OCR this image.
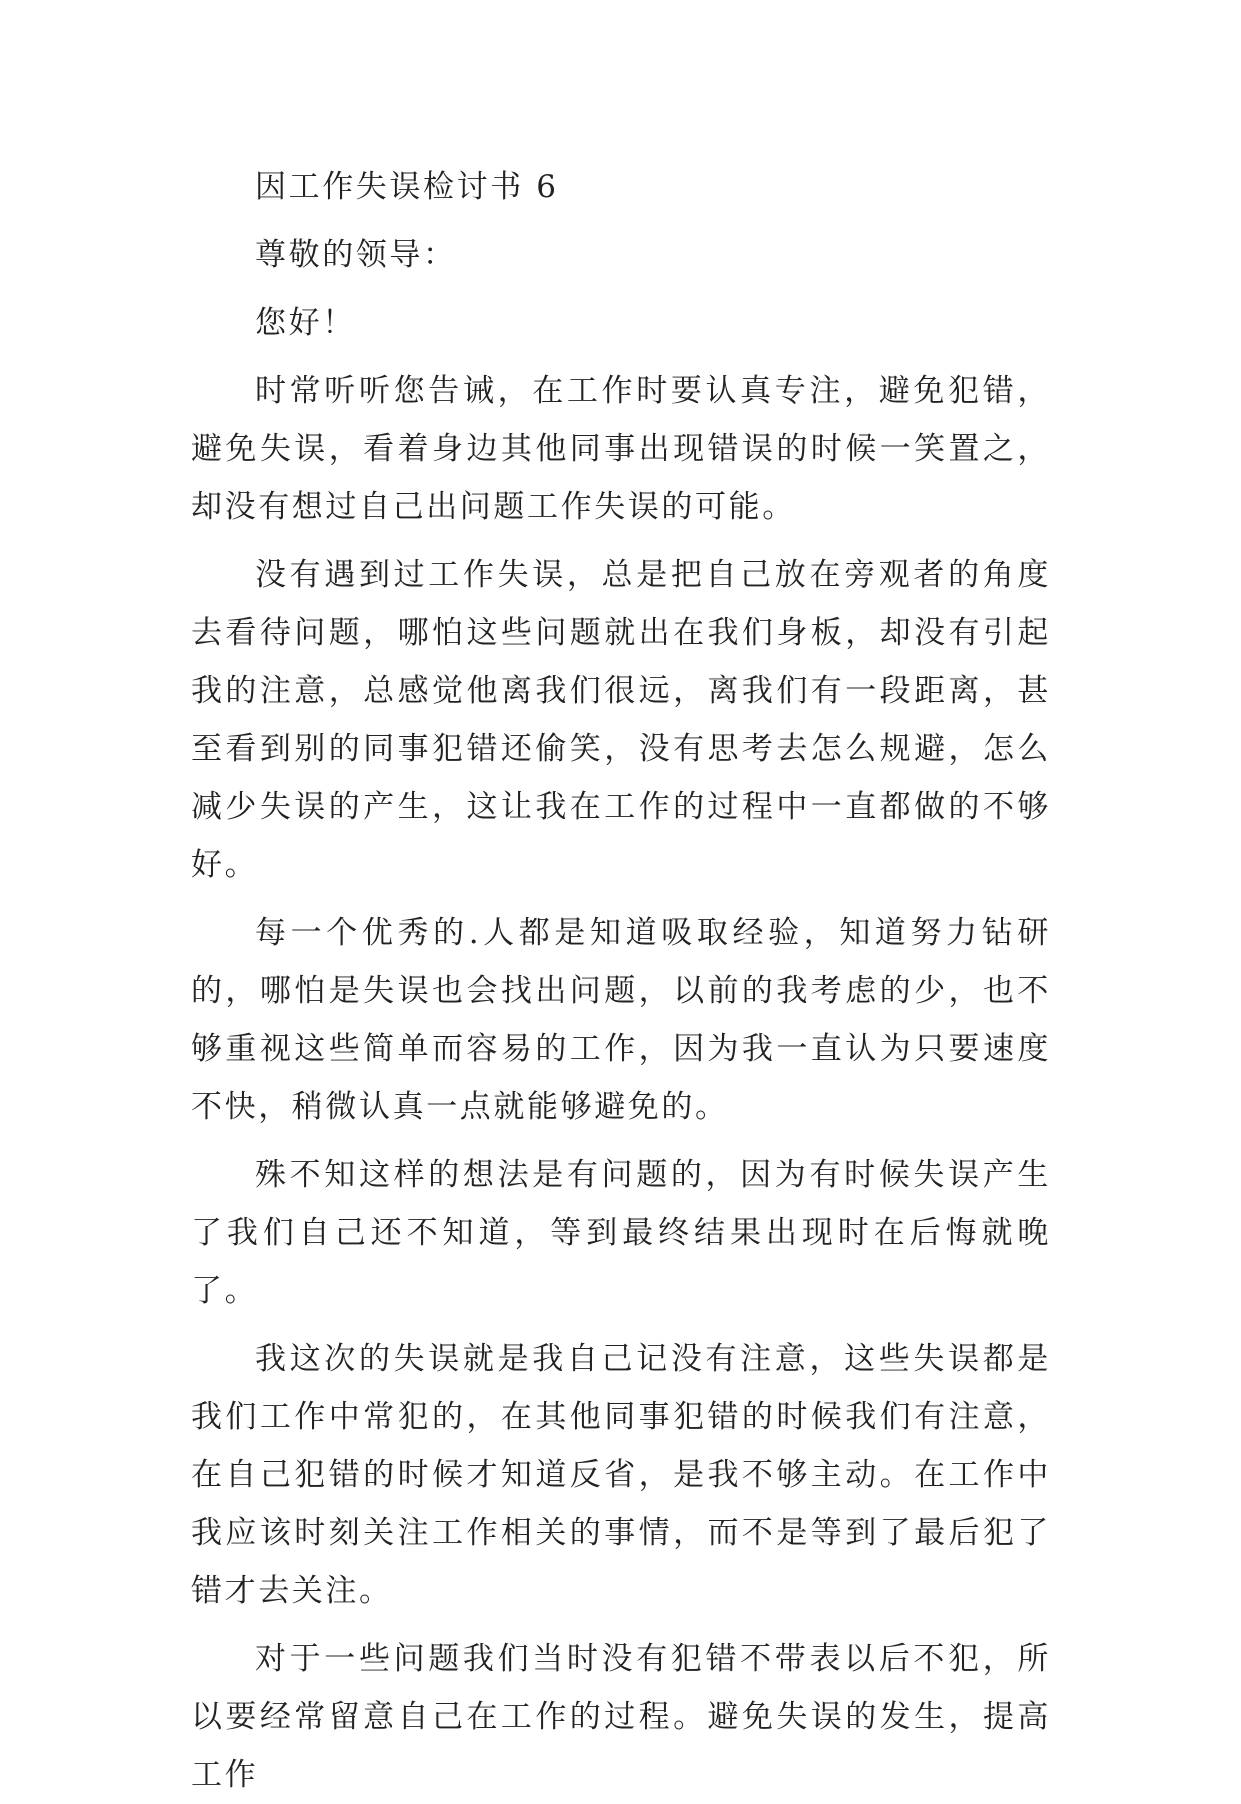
因工作失误检讨书 6

尊敬的领导：

您好！

时常听听您告诫，在工作时要认真专注，避免犯错，避免失误，看着身边其他同事出现错误的时候一笑置之，却没有想过自己出问题工作失误的可能。

没有遇到过工作失误，总是把自己放在旁观者的角度去看待问题，哪怕这些问题就出在我们身板，却没有引起我的注意，总感觉他离我们很远，离我们有一段距离，甚至看到别的同事犯错还偷笑，没有思考去怎么规避，怎么减少失误的产生，这让我在工作的过程中一直都做的不够好。

每一个优秀的.人都是知道吸取经验，知道努力钻研的，哪怕是失误也会找出问题，以前的我考虑的少，也不够重视这些简单而容易的工作，因为我一直认为只要速度不快，稍微认真一点就能够避免的。

殊不知这样的想法是有问题的，因为有时候失误产生了我们自己还不知道，等到最终结果出现时在后悔就晚了。

我这次的失误就是我自己记没有注意，这些失误都是我们工作中常犯的，在其他同事犯错的时候我们有注意，在自己犯错的时候才知道反省，是我不够主动。在工作中我应该时刻关注工作相关的事情，而不是等到了最后犯了错才去关注。

对于一些问题我们当时没有犯错不带表以后不犯，所以要经常留意自己在工作的过程。避免失误的发生，提高工作
